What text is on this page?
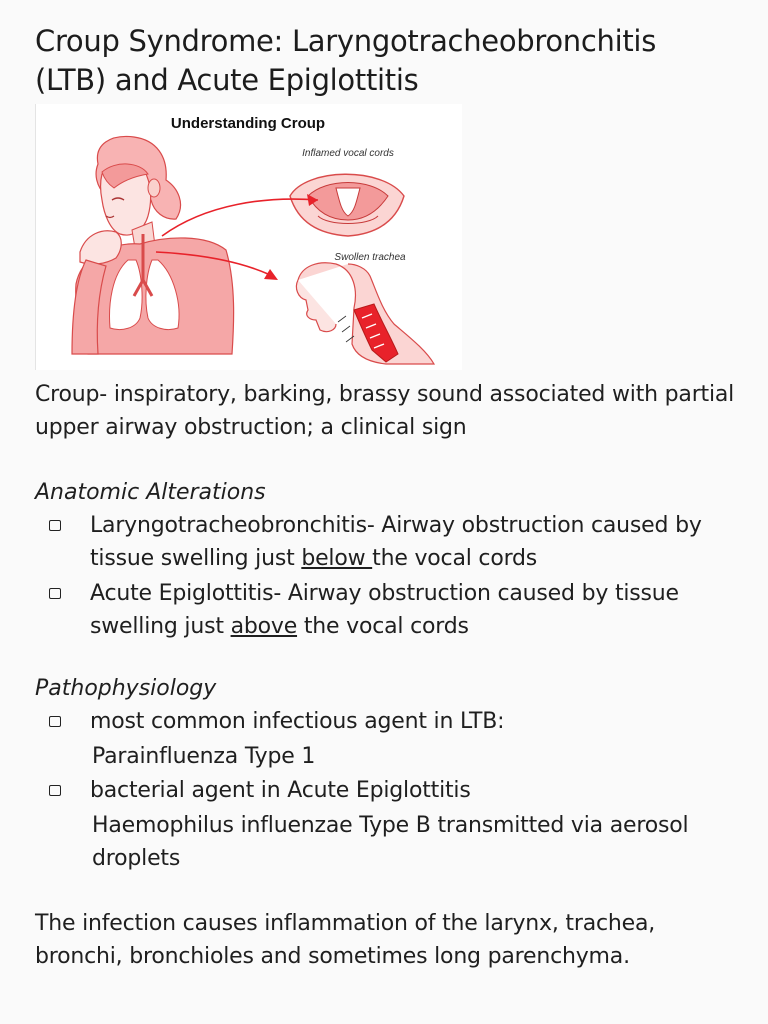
Croup Syndrome: Laryngotracheobronchitis (LTB) and Acute Epiglottitis
Understanding Croup
Inflamed vocal cords
Swollen trachea

Croup- inspiratory, barking, brassy sound associated with partial upper airway obstruction; a clinical sign

Anatomic Alterations

Laryngotracheobronchitis- Airway obstruction caused by tissue swelling just below the vocal cords
Acute Epiglottitis- Airway obstruction caused by tissue swelling just above the vocal cords

Pathophysiology

most common infectious agent in LTB:
Parainfluenza Type 1
bacterial agent in Acute Epiglottitis
Haemophilus influenzae Type B transmitted via aerosol droplets

The infection causes inflammation of the larynx, trachea, bronchi, bronchioles and sometimes long parenchyma.
